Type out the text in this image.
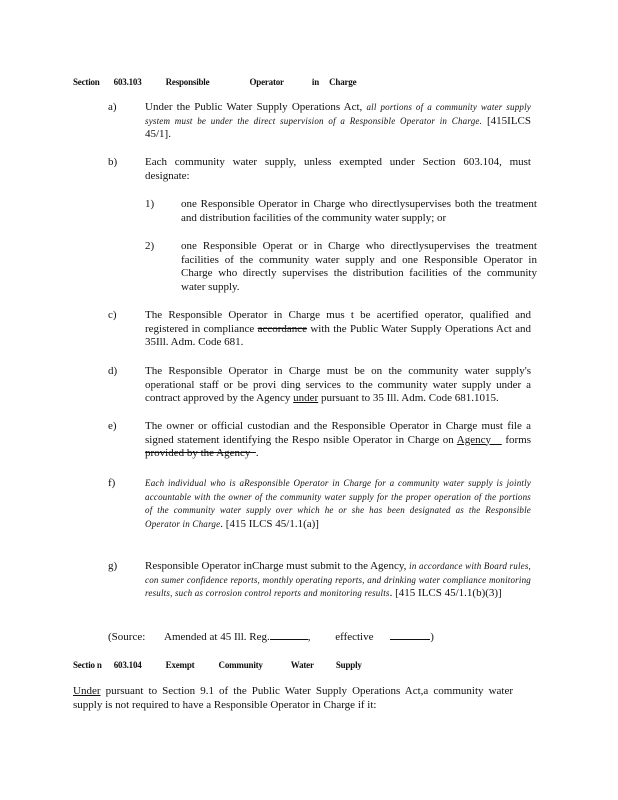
Section 603.103	Responsible	Operator	in Charge
a)	Under the Public Water Supply Operations Act, all portions of a community water supply system must be under the direct supervision of a Responsible Operator in Charge. [415ILCS 45/1].
b)	Each community water supply, unless exempted under Section 603.104, must designate:
1) one Responsible Operator in Charge who directlysupervises both the treatment and distribution facilities of the community water supply; or
2) one Responsible Operat or in Charge who directlysupervises the treatment facilities of the community water supply and one Responsible Operator in Charge who directly supervises the distribution facilities of the community water supply.
c)	The Responsible Operator in Charge mus t be acertified operator, qualified and registered in compliance accordance with the Public Water Supply Operations Act and 35Ill. Adm. Code 681.
d)	The Responsible Operator in Charge must be on the community water supply's operational staff or be provi ding services to the community water supply under a contract approved by the Agency under pursuant to 35 Ill. Adm. Code 681.1015.
e)	The owner or official custodian and the Responsible Operator in Charge must file a signed statement identifying the Respo nsible Operator in Charge on Agency forms provided by the Agency .
f)	Each individual who is aResponsible Operator in Charge for a community water supply is jointly accountable with the owner of the community water supply for the proper operation of the portions of the community water supply over which he or she has been designated as the Responsible Operator in Charge. [415 ILCS 45/1.1(a)]
g)	Responsible Operator inCharge must submit to the Agency, in accordance with Board rules, con sumer confidence reports, monthly operating reports, and drinking water compliance monitoring results, such as corrosion control reports and monitoring results. [415 ILCS 45/1.1(b)(3)]
(Source: Amended at 45 Ill. Reg.	, effective	)
Sectio n 603.104	Exempt	Community	Water Supply
Under pursuant to Section 9.1 of the Public Water Supply Operations Act,a community water supply is not required to have a Responsible Operator in Charge if it:
